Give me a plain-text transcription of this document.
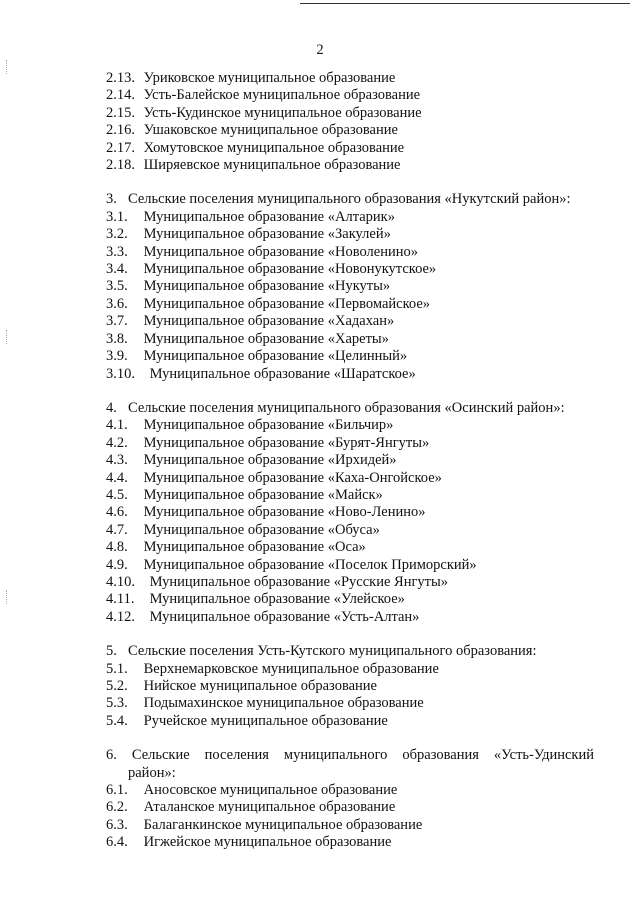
2
2.13. Уриковское муниципальное образование
2.14. Усть-Балейское муниципальное образование
2.15. Усть-Кудинское муниципальное образование
2.16. Ушаковское муниципальное образование
2.17. Хомутовское муниципальное образование
2.18. Ширяевское муниципальное образование
3. Сельские поселения муниципального образования «Нукутский район»:
3.1. Муниципальное образование «Алтарик»
3.2. Муниципальное образование «Закулей»
3.3. Муниципальное образование «Новоленино»
3.4. Муниципальное образование «Новонукутское»
3.5. Муниципальное образование «Нукуты»
3.6. Муниципальное образование «Первомайское»
3.7. Муниципальное образование «Хадахан»
3.8. Муниципальное образование «Хареты»
3.9. Муниципальное образование «Целинный»
3.10. Муниципальное образование «Шаратское»
4. Сельские поселения муниципального образования «Осинский район»:
4.1. Муниципальное образование «Бильчир»
4.2. Муниципальное образование «Бурят-Янгуты»
4.3. Муниципальное образование «Ирхидей»
4.4. Муниципальное образование «Каха-Онгойское»
4.5. Муниципальное образование «Майск»
4.6. Муниципальное образование «Ново-Ленино»
4.7. Муниципальное образование «Обуса»
4.8. Муниципальное образование «Оса»
4.9. Муниципальное образование «Поселок Приморский»
4.10. Муниципальное образование «Русские Янгуты»
4.11. Муниципальное образование «Улейское»
4.12. Муниципальное образование «Усть-Алтан»
5. Сельские поселения Усть-Кутского муниципального образования:
5.1. Верхнемарковское муниципальное образование
5.2. Нийское муниципальное образование
5.3. Подымахинское муниципальное образование
5.4. Ручейское муниципальное образование
6. Сельские поселения муниципального образования «Усть-Удинский
район»:
6.1. Аносовское муниципальное образование
6.2. Аталанское муниципальное образование
6.3. Балаганкинское муниципальное образование
6.4. Игжейское муниципальное образование
